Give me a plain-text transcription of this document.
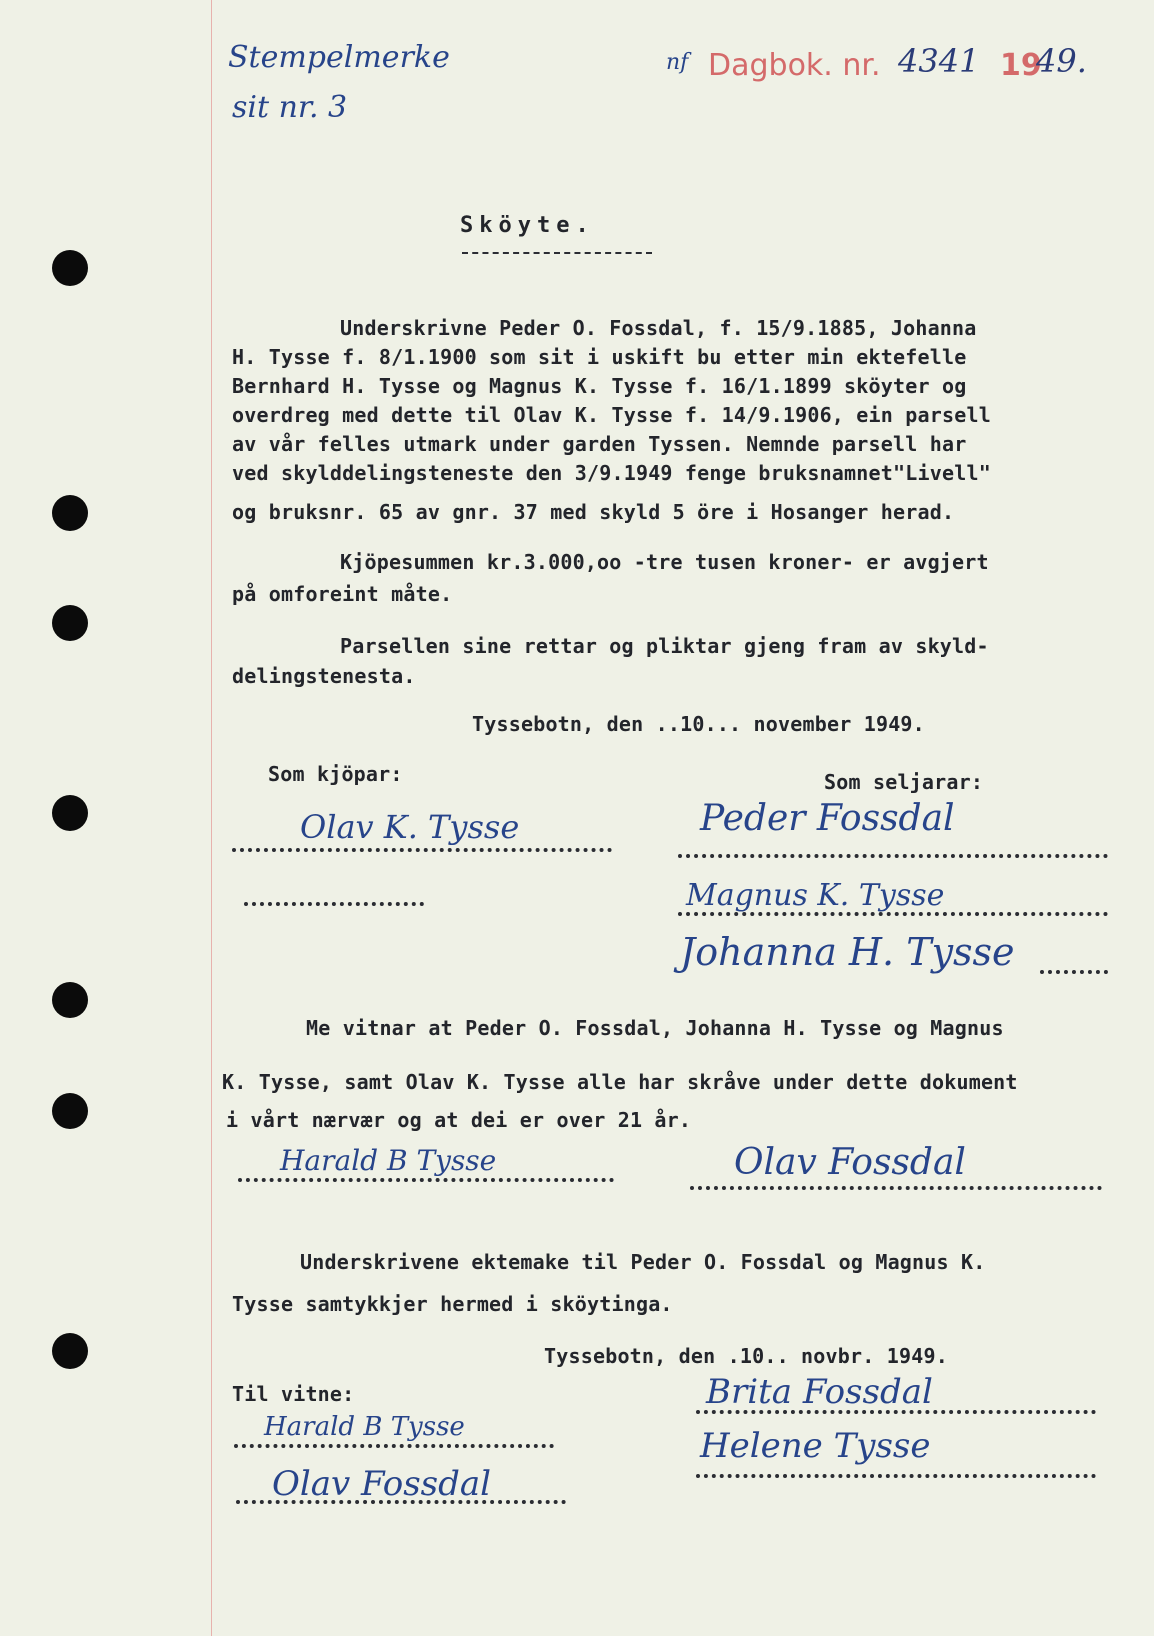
Stempelmerke
sit nr. 3
nf Dagbok. nr. 4341 19
49.
Sköyte.
Underskrivne Peder O. Fossdal, f. 15/9.1885, Johanna
H. Tysse f. 8/1.1900 som sit i uskift bu etter min ektefelle
Bernhard H. Tysse og Magnus K. Tysse f. 16/1.1899 sköyter og
overdreg med dette til Olav K. Tysse f. 14/9.1906, ein parsell
av vår felles utmark under garden Tyssen. Nemnde parsell har
ved skylddelingsteneste den 3/9.1949 fenge bruksnamnet"Livell"
og bruksnr. 65 av gnr. 37 med skyld 5 öre i Hosanger herad.
Kjöpesummen kr.3.000,oo -tre tusen kroner- er avgjert
på omforeint måte.
Parsellen sine rettar og pliktar gjeng fram av skyld-
delingstenesta.
Tyssebotn, den ..10... november 1949.
Som kjöpar:	Som seljarar:
Olav K. Tysse	Peder Fossdal
Magnus K. Tysse
Johanna H. Tysse
Me vitnar at Peder O. Fossdal, Johanna H. Tysse og Magnus
K. Tysse, samt Olav K. Tysse alle har skråve under dette dokument
i vårt nærvær og at dei er over 21 år.
Harald B Tysse	Olav Fossdal
Underskrivene ektemake til Peder O. Fossdal og Magnus K.
Tysse samtykkjer hermed i sköytinga.
Tyssebotn, den .10.. novbr. 1949.
Til vitne:
Harald B Tysse
Olav Fossdal
Brita Fossdal
Helene Tysse
